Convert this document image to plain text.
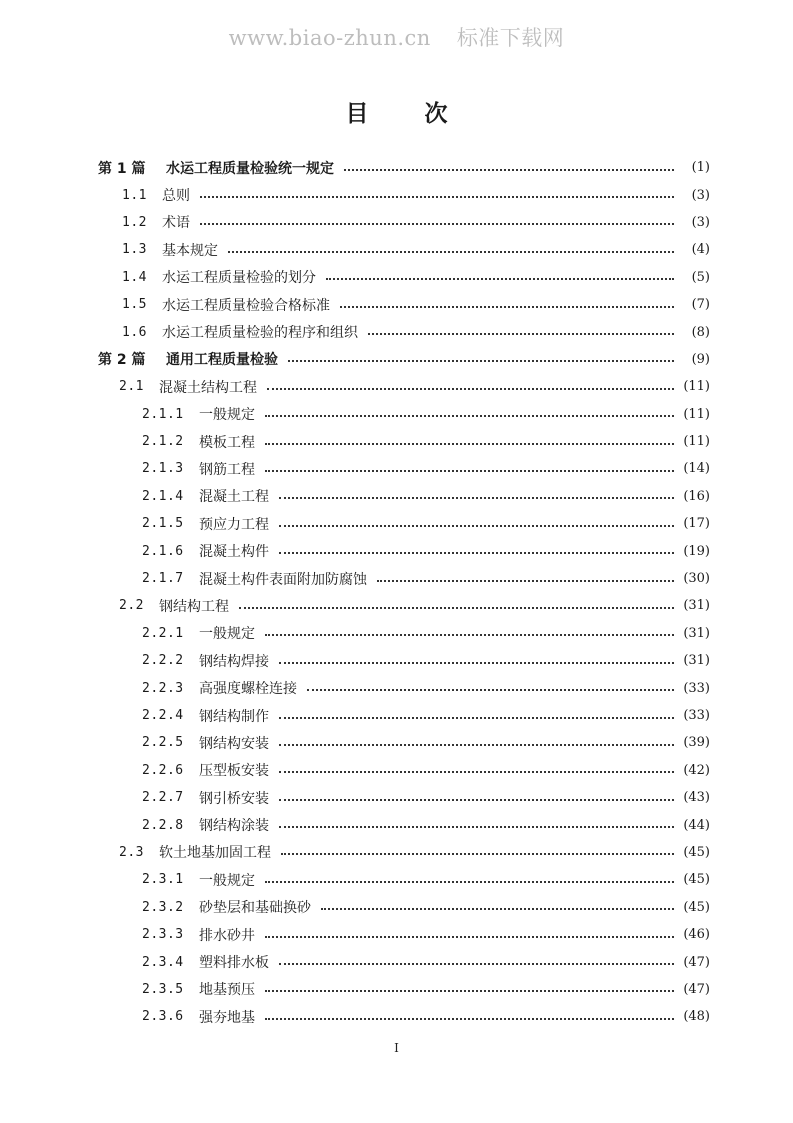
www.biao-zhun.cn 标准下载网
目 次
第 1 篇	水运工程质量检验统一规定	(1)
1.1	总则	(3)
1.2	术语	(3)
1.3	基本规定	(4)
1.4	水运工程质量检验的划分	(5)
1.5	水运工程质量检验合格标准	(7)
1.6	水运工程质量检验的程序和组织	(8)
第 2 篇	通用工程质量检验	(9)
2.1	混凝土结构工程	(11)
2.1.1	一般规定	(11)
2.1.2	模板工程	(11)
2.1.3	钢筋工程	(14)
2.1.4	混凝土工程	(16)
2.1.5	预应力工程	(17)
2.1.6	混凝土构件	(19)
2.1.7	混凝土构件表面附加防腐蚀	(30)
2.2	钢结构工程	(31)
2.2.1	一般规定	(31)
2.2.2	钢结构焊接	(31)
2.2.3	高强度螺栓连接	(33)
2.2.4	钢结构制作	(33)
2.2.5	钢结构安装	(39)
2.2.6	压型板安装	(42)
2.2.7	钢引桥安装	(43)
2.2.8	钢结构涂装	(44)
2.3	软土地基加固工程	(45)
2.3.1	一般规定	(45)
2.3.2	砂垫层和基础换砂	(45)
2.3.3	排水砂井	(46)
2.3.4	塑料排水板	(47)
2.3.5	地基预压	(47)
2.3.6	强夯地基	(48)
I
